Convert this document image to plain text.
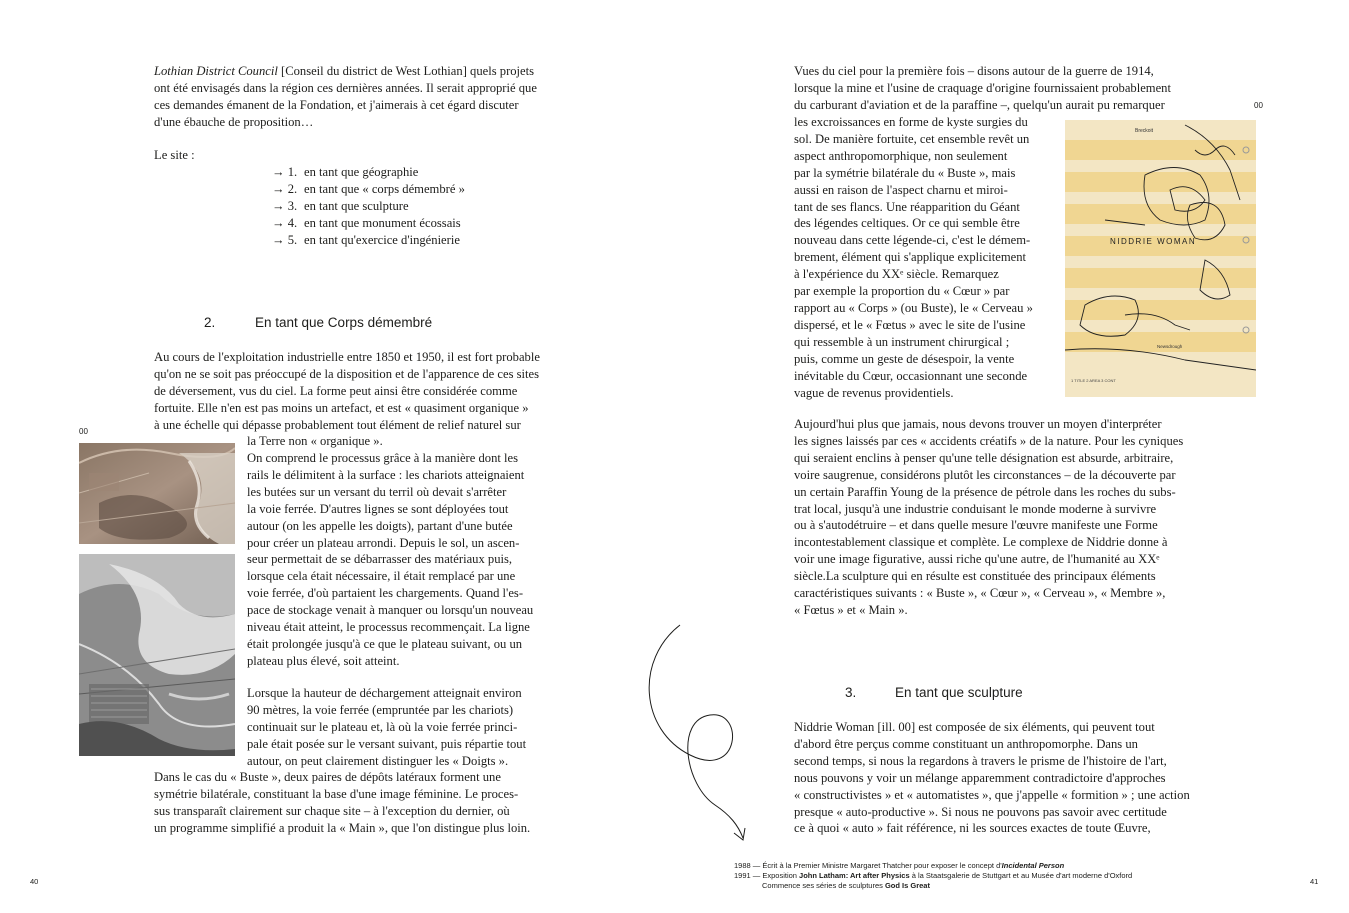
Lothian District Council [Conseil du district de West Lothian] quels projets
ont été envisagés dans la région ces dernières années. Il serait approprié que
ces demandes émanent de la Fondation, et j'aimerais à cet égard discuter
d'une ébauche de proposition…
Le site :
→ 1. en tant que géographie
→ 2. en tant que « corps démembré »
→ 3. en tant que sculpture
→ 4. en tant que monument écossais
→ 5. en tant qu'exercice d'ingénierie
2.	En tant que Corps démembré
Au cours de l'exploitation industrielle entre 1850 et 1950, il est fort probable
qu'on ne se soit pas préoccupé de la disposition et de l'apparence de ces sites
de déversement, vus du ciel. La forme peut ainsi être considérée comme
fortuite. Elle n'en est pas moins un artefact, et est « quasiment organique »
à une échelle qui dépasse probablement tout élément de relief naturel sur
la Terre non « organique ».
00
On comprend le processus grâce à la manière dont les
rails le délimitent à la surface : les chariots atteignaient
les butées sur un versant du terril où devait s'arrêter
la voie ferrée. D'autres lignes se sont déployées tout
autour (on les appelle les doigts), partant d'une butée
pour créer un plateau arrondi. Depuis le sol, un ascen-
seur permettait de se débarrasser des matériaux puis,
lorsque cela était nécessaire, il était remplacé par une
voie ferrée, d'où partaient les chargements. Quand l'es-
pace de stockage venait à manquer ou lorsqu'un nouveau
niveau était atteint, le processus recommençait. La ligne
était prolongée jusqu'à ce que le plateau suivant, ou un
plateau plus élevé, soit atteint.
Lorsque la hauteur de déchargement atteignait environ
90 mètres, la voie ferrée (empruntée par les chariots)
continuait sur le plateau et, là où la voie ferrée princi-
pale était posée sur le versant suivant, puis répartie tout
autour, on peut clairement distinguer les « Doigts ».
Dans le cas du « Buste », deux paires de dépôts latéraux forment une
symétrie bilatérale, constituant la base d'une image féminine. Le proces-
sus transparaît clairement sur chaque site – à l'exception du dernier, où
un programme simplifié a produit la « Main », que l'on distingue plus loin.
40
Vues du ciel pour la première fois – disons autour de la guerre de 1914,
lorsque la mine et l'usine de craquage d'origine fournissaient probablement
du carburant d'aviation et de la paraffine –, quelqu'un aurait pu remarquer
les excroissances en forme de kyste surgies du
sol. De manière fortuite, cet ensemble revêt un
aspect anthropomorphique, non seulement
par la symétrie bilatérale du « Buste », mais
aussi en raison de l'aspect charnu et miroi-
tant de ses flancs. Une réapparition du Géant
des légendes celtiques. Or ce qui semble être
nouveau dans cette légende-ci, c'est le démem-
brement, élément qui s'applique explicitement
à l'expérience du XXᵉ siècle. Remarquez
par exemple la proportion du « Cœur » par
rapport au « Corps » (ou Buste), le « Cerveau »
dispersé, et le « Fœtus » avec le site de l'usine
qui ressemble à un instrument chirurgical ;
puis, comme un geste de désespoir, la vente
inévitable du Cœur, occasionnant une seconde
vague de revenus providentiels.
00
NIDDRIE WOMAN
Breckoit
Newsdrough
1 TITLE 2 AREA 3 CONT
Aujourd'hui plus que jamais, nous devons trouver un moyen d'interpréter
les signes laissés par ces « accidents créatifs » de la nature. Pour les cyniques
qui seraient enclins à penser qu'une telle désignation est absurde, arbitraire,
voire saugrenue, considérons plutôt les circonstances – de la découverte par
un certain Paraffin Young de la présence de pétrole dans les roches du subs-
trat local, jusqu'à une industrie conduisant le monde moderne à survivre
ou à s'autodétruire – et dans quelle mesure l'œuvre manifeste une Forme
incontestablement classique et complète. Le complexe de Niddrie donne à
voir une image figurative, aussi riche qu'une autre, de l'humanité au XXᵉ
siècle.La sculpture qui en résulte est constituée des principaux éléments
caractéristiques suivants : « Buste », « Cœur », « Cerveau », « Membre »,
« Fœtus » et « Main ».
3.	En tant que sculpture
Niddrie Woman [ill. 00] est composée de six éléments, qui peuvent tout
d'abord être perçus comme constituant un anthropomorphe. Dans un
second temps, si nous la regardons à travers le prisme de l'histoire de l'art,
nous pouvons y voir un mélange apparemment contradictoire d'approches
« constructivistes » et « automatistes », que j'appelle « formition » ; une action
presque « auto-productive ». Si nous ne pouvons pas savoir avec certitude
ce à quoi « auto » fait référence, ni les sources exactes de toute Œuvre,
1988 — Écrit à la Premier Ministre Margaret Thatcher pour exposer le concept d'Incidental Person
1991 — Exposition John Latham: Art after Physics à la Staatsgalerie de Stuttgart et au Musée d'art moderne d'Oxford
Commence ses séries de sculptures God Is Great	41
